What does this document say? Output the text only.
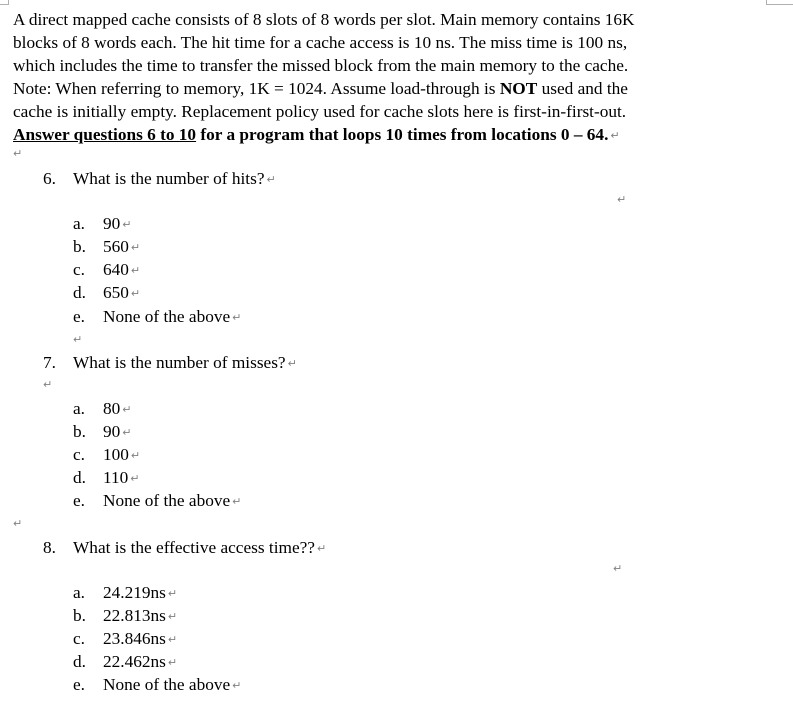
A direct mapped cache consists of 8 slots of 8 words per slot. Main memory contains 16K
blocks of 8 words each. The hit time for a cache access is 10 ns. The miss time is 100 ns,
which includes the time to transfer the missed block from the main memory to the cache.
Note: When referring to memory, 1K = 1024. Assume load-through is NOT used and the
cache is initially empty. Replacement policy used for cache slots here is first-in-first-out.
Answer questions 6 to 10 for a program that loops 10 times from locations 0 – 64. ↵
↵
6. What is the number of hits? ↵
↵
a. 90 ↵
b. 560 ↵
c. 640 ↵
d. 650 ↵
e. None of the above ↵
↵
7. What is the number of misses? ↵
↵
a. 80 ↵
b. 90 ↵
c. 100 ↵
d. 110 ↵
e. None of the above ↵
↵
8. What is the effective access time?? ↵
↵
a. 24.219ns ↵
b. 22.813ns ↵
c. 23.846ns ↵
d. 22.462ns ↵
e. None of the above ↵
